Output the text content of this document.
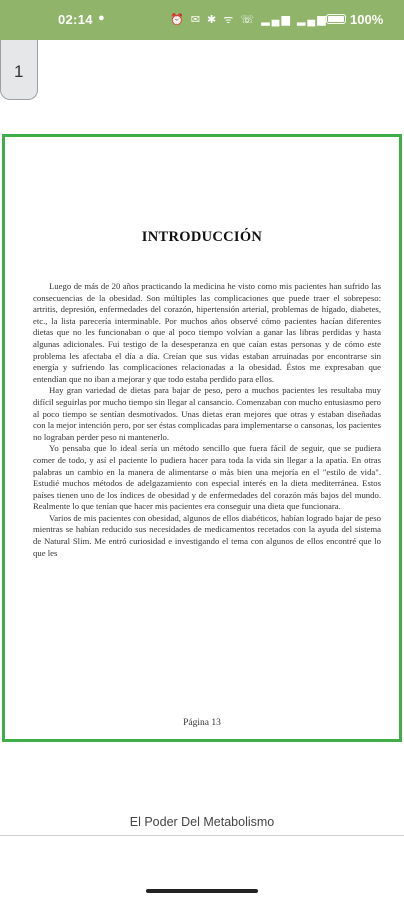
02:14 ●	⏰ ✉ ✱ ᯤ ☏ ▂▄▆ ▂▄▆ 100%
1
INTRODUCCIÓN

Luego de más de 20 años practicando la medicina he visto como mis pacientes han sufrido las consecuencias de la obesidad. Son múltiples las complicaciones que puede traer el sobrepeso: artritis, depresión, enfermedades del corazón, hipertensión arterial, problemas de hígado, diabetes, etc., la lista parecería interminable. Por muchos años observé cómo pacientes hacían diferentes dietas que no les funcionaban o que al poco tiempo volvían a ganar las libras perdidas y hasta algunas adicionales. Fui testigo de la desesperanza en que caían estas personas y de cómo este problema les afectaba el día a día. Creían que sus vidas estaban arruinadas por encontrarse sin energía y sufriendo las complicaciones relacionadas a la obesidad. Éstos me expresaban que entendían que no iban a mejorar y que todo estaba perdido para ellos.

Hay gran variedad de dietas para bajar de peso, pero a muchos pacientes les resultaba muy difícil seguirlas por mucho tiempo sin llegar al cansancio. Comenzaban con mucho entusiasmo pero al poco tiempo se sentían desmotivados. Unas dietas eran mejores que otras y estaban diseñadas con la mejor intención pero, por ser éstas complicadas para implementarse o cansonas, los pacientes no lograban perder peso ni mantenerlo.

Yo pensaba que lo ideal sería un método sencillo que fuera fácil de seguir, que se pudiera comer de todo, y así el paciente lo pudiera hacer para toda la vida sin llegar a la apatía. En otras palabras un cambio en la manera de alimentarse o más bien una mejoría en el "estilo de vida". Estudié muchos métodos de adelgazamiento con especial interés en la dieta mediterránea. Estos países tienen uno de los índices de obesidad y de enfermedades del corazón más bajos del mundo. Realmente lo que tenían que hacer mis pacientes era conseguir una dieta que funcionara.

Varios de mis pacientes con obesidad, algunos de ellos diabéticos, habían logrado bajar de peso mientras se habían reducido sus necesidades de medicamentos recetados con la ayuda del sistema de Natural Slim. Me entró curiosidad e investigando el tema con algunos de ellos encontré que lo que les

Página 13
El Poder Del Metabolismo
